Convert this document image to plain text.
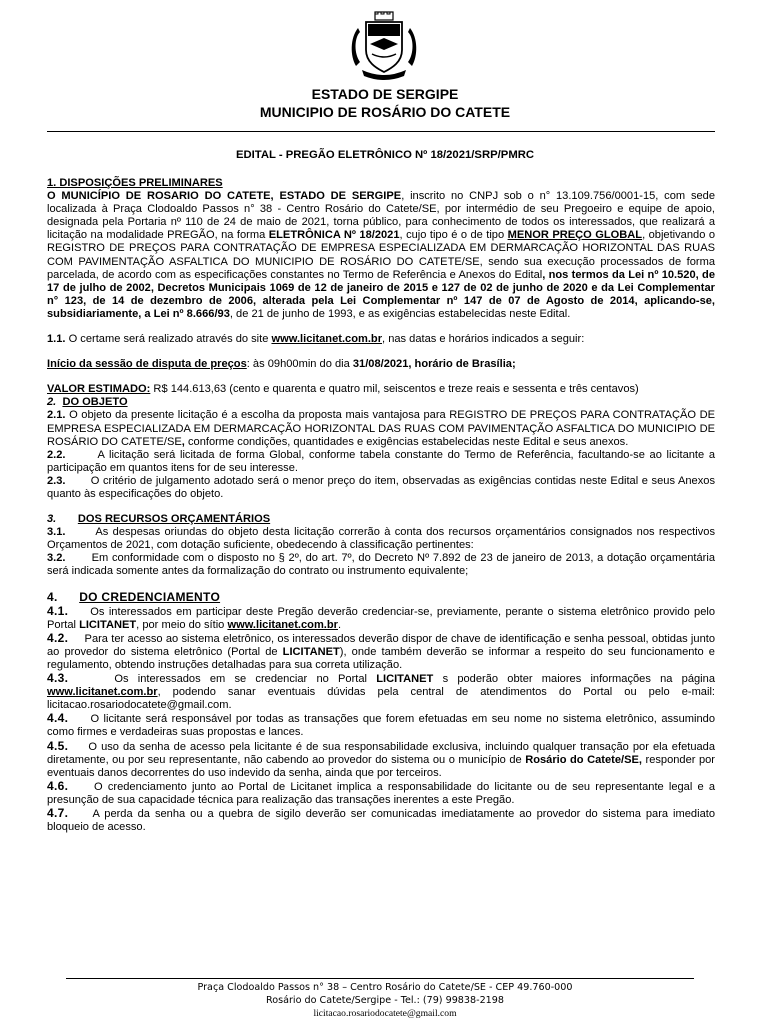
ESTADO DE SERGIPE
MUNICIPIO DE ROSÁRIO DO CATETE
EDITAL - PREGÃO ELETRÔNICO Nº 18/2021/SRP/PMRC

1. DISPOSIÇÕES PRELIMINARES

O MUNICÍPIO DE ROSARIO DO CATETE, ESTADO DE SERGIPE, inscrito no CNPJ sob o n° 13.109.756/0001-15, com sede localizada à Praça Clodoaldo Passos n° 38 - Centro Rosário do Catete/SE, por intermédio de seu Pregoeiro e equipe de apoio, designada pela Portaria nº 110 de 24 de maio de 2021, torna público, para conhecimento de todos os interessados, que realizará a licitação na modalidade PREGÃO, na forma ELETRÔNICA Nº 18/2021, cujo tipo é o de tipo MENOR PREÇO GLOBAL, objetivando o REGISTRO DE PREÇOS PARA CONTRATAÇÃO DE EMPRESA ESPECIALIZADA EM DERMARCAÇÃO HORIZONTAL DAS RUAS COM PAVIMENTAÇÃO ASFALTICA DO MUNICIPIO DE ROSÁRIO DO CATETE/SE, sendo sua execução processados de forma parcelada, de acordo com as especificações constantes no Termo de Referência e Anexos do Edital, nos termos da Lei nº 10.520, de 17 de julho de 2002, Decretos Municipais 1069 de 12 de janeiro de 2015 e 127 de 02 de junho de 2020 e da Lei Complementar n° 123, de 14 de dezembro de 2006, alterada pela Lei Complementar nº 147 de 07 de Agosto de 2014, aplicando-se, subsidiariamente, a Lei nº 8.666/93, de 21 de junho de 1993, e as exigências estabelecidas neste Edital.

1.1. O certame será realizado através do site www.licitanet.com.br, nas datas e horários indicados a seguir:

Início da sessão de disputa de preços: às 09h00min do dia 31/08/2021, horário de Brasília;

VALOR ESTIMADO: R$ 144.613,63 (cento e quarenta e quatro mil, seiscentos e treze reais e sessenta e três centavos)

2. DO OBJETO

2.1. O objeto da presente licitação é a escolha da proposta mais vantajosa para REGISTRO DE PREÇOS PARA CONTRATAÇÃO DE EMPRESA ESPECIALIZADA EM DERMARCAÇÃO HORIZONTAL DAS RUAS COM PAVIMENTAÇÃO ASFALTICA DO MUNICIPIO DE ROSÁRIO DO CATETE/SE, conforme condições, quantidades e exigências estabelecidas neste Edital e seus anexos.

2.2.       A licitação será licitada de forma Global, conforme tabela constante do Termo de Referência, facultando-se ao licitante a participação em quantos itens for de seu interesse.

2.3.       O critério de julgamento adotado será o menor preço do item, observadas as exigências contidas neste Edital e seus Anexos quanto às especificações do objeto.

3. DOS RECURSOS ORÇAMENTÁRIOS

3.1.       As despesas oriundas do objeto desta licitação correrão à conta dos recursos orçamentários consignados nos respectivos Orçamentos de 2021, com dotação suficiente, obedecendo à classificação pertinentes:

3.2.       Em conformidade com o disposto no § 2º, do art. 7º, do Decreto Nº 7.892 de 23 de janeiro de 2013, a dotação orçamentária será indicada somente antes da formalização do contrato ou instrumento equivalente;

4. DO CREDENCIAMENTO

4.1.     Os interessados em participar deste Pregão deverão credenciar-se, previamente, perante o sistema eletrônico provido pelo Portal LICITANET, por meio do sítio www.licitanet.com.br.

4.2.     Para ter acesso ao sistema eletrônico, os interessados deverão dispor de chave de identificação e senha pessoal, obtidas junto ao provedor do sistema eletrônico (Portal de LICITANET), onde também deverão se informar a respeito do seu funcionamento e regulamento, obtendo instruções detalhadas para sua correta utilização.

4.3.     Os interessados em se credenciar no Portal LICITANET s poderão obter maiores informações na página www.licitanet.com.br, podendo sanar eventuais dúvidas pela central de atendimentos do Portal ou pelo e-mail: licitacao.rosariodocatete@gmail.com.

4.4.     O licitante será responsável por todas as transações que forem efetuadas em seu nome no sistema eletrônico, assumindo como firmes e verdadeiras suas propostas e lances.

4.5.     O uso da senha de acesso pela licitante é de sua responsabilidade exclusiva, incluindo qualquer transação por ela efetuada diretamente, ou por seu representante, não cabendo ao provedor do sistema ou o município de Rosário do Catete/SE, responder por eventuais danos decorrentes do uso indevido da senha, ainda que por terceiros.

4.6.     O credenciamento junto ao Portal de Licitanet implica a responsabilidade do licitante ou de seu representante legal e a presunção de sua capacidade técnica para realização das transações inerentes a este Pregão.

4.7.     A perda da senha ou a quebra de sigilo deverão ser comunicadas imediatamente ao provedor do sistema para imediato bloqueio de acesso.

Praça Clodoaldo Passos n° 38 – Centro Rosário do Catete/SE - CEP 49.760-000
Rosário do Catete/Sergipe - Tel.: (79) 99838-2198
licitacao.rosariodocatete@gmail.com
